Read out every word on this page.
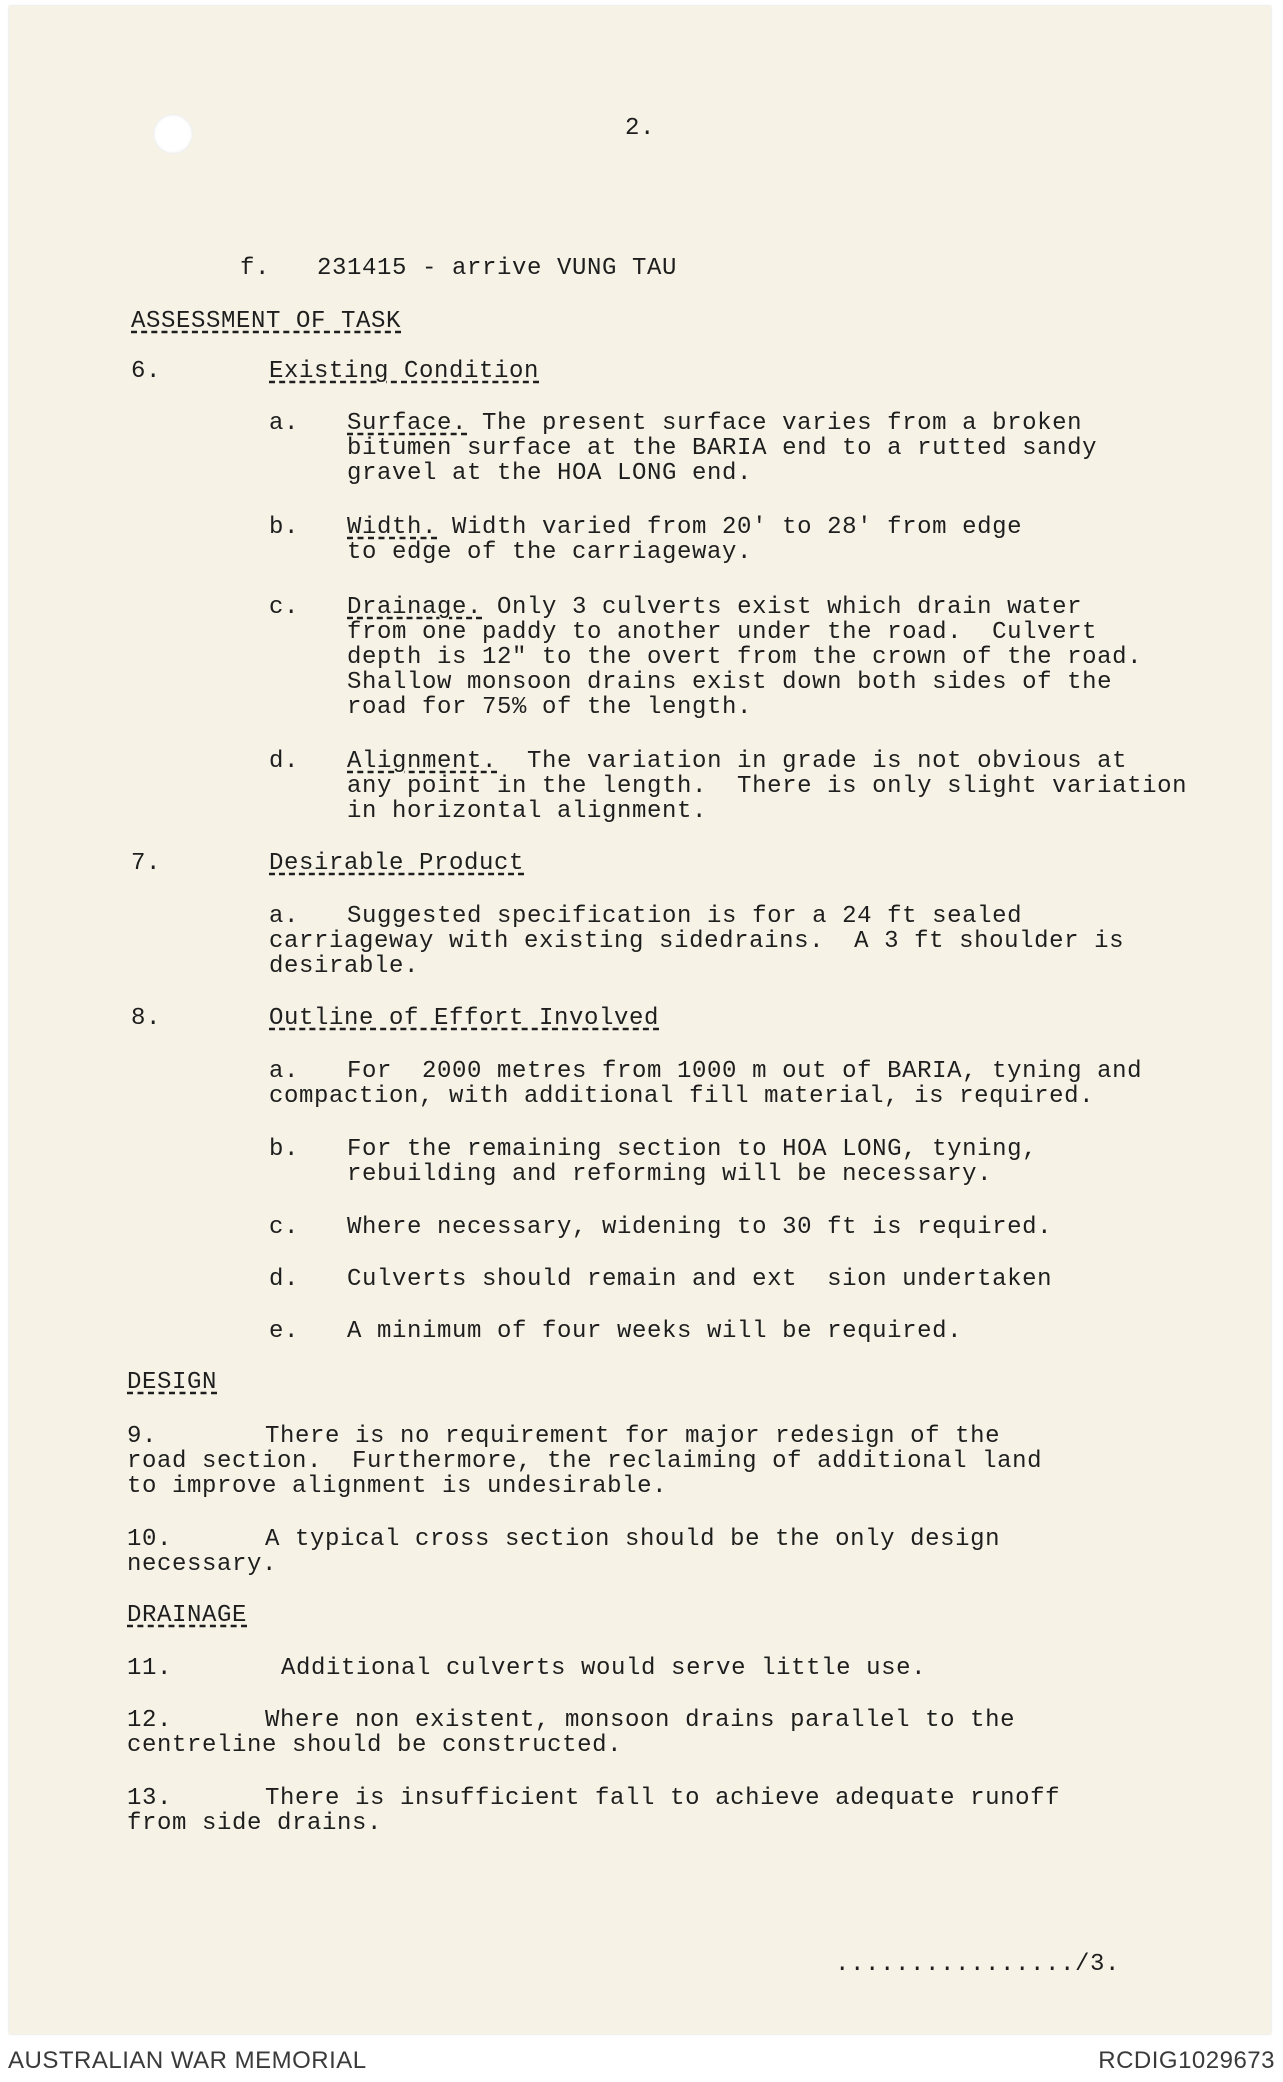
2.
f. 231415 - arrive VUNG TAU
ASSESSMENT OF TASK
6.	Existing Condition
a. Surface. The present surface varies from a broken
bitumen surface at the BARIA end to a rutted sandy
gravel at the HOA LONG end.
b. Width. Width varied from 20' to 28' from edge
to edge of the carriageway.
c. Drainage. Only 3 culverts exist which drain water
from one paddy to another under the road.  Culvert
depth is 12" to the overt from the crown of the road.
Shallow monsoon drains exist down both sides of the
road for 75% of the length.
d. Alignment.  The variation in grade is not obvious at
any point in the length.  There is only slight variation
in horizontal alignment.
7.	Desirable Product
a. Suggested specification is for a 24 ft sealed
carriageway with existing sidedrains.  A 3 ft shoulder is
desirable.
8.	Outline of Effort Involved
a. For  2000 metres from 1000 m out of BARIA, tyning and
compaction, with additional fill material, is required.
b. For the remaining section to HOA LONG, tyning,
rebuilding and reforming will be necessary.
c. Where necessary, widening to 30 ft is required.
d. Culverts should remain and ext  sion undertaken
e. A minimum of four weeks will be required.
DESIGN
9.	There is no requirement for major redesign of the
road section.  Furthermore, the reclaiming of additional land
to improve alignment is undesirable.
10.	A typical cross section should be the only design
necessary.
DRAINAGE
11.	Additional culverts would serve little use.
12.	Where non existent, monsoon drains parallel to the
centreline should be constructed.
13.	There is insufficient fall to achieve adequate runoff
from side drains.
................/3.
AUSTRALIAN WAR MEMORIAL	RCDIG1029673
